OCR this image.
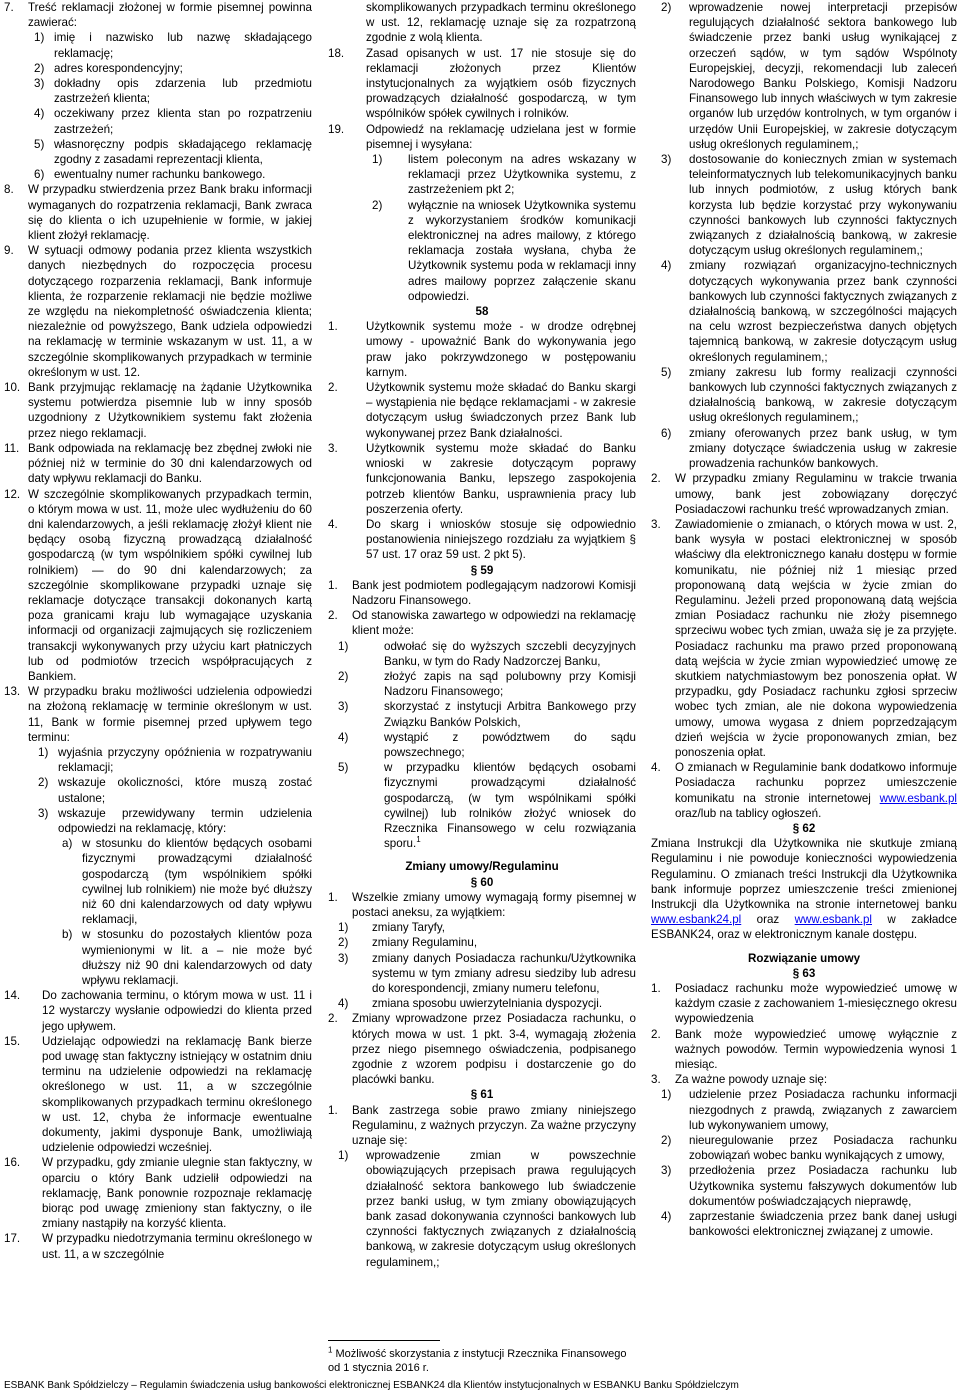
7. Treść reklamacji złożonej w formie pisemnej powinna zawierać:
1) imię i nazwisko lub nazwę składającego reklamację;
2) adres korespondencyjny;
3) dokładny opis zdarzenia lub przedmiotu zastrzeżeń klienta;
4) oczekiwany przez klienta stan po rozpatrzeniu zastrzeżeń;
5) własnoręczny podpis składającego reklamację zgodny z zasadami reprezentacji klienta,
6) ewentualny numer rachunku bankowego.
8. W przypadku stwierdzenia przez Bank braku informacji wymaganych do rozpatrzenia reklamacji, Bank zwraca się do klienta o ich uzupełnienie w formie, w jakiej klient złożył reklamację.
9. W sytuacji odmowy podania przez klienta wszystkich danych niezbędnych do rozpoczęcia procesu dotyczącego rozparzenia reklamacji, Bank informuje klienta, że rozparzenie reklamacji nie będzie możliwe ze względu na niekompletność oświadczenia klienta; niezależnie od powyższego, Bank udziela odpowiedzi na reklamację w terminie wskazanym w ust. 11, a w szczególnie skomplikowanych przypadkach w terminie określonym w ust. 12.
10. Bank przyjmując reklamację na żądanie Użytkownika systemu potwierdza pisemnie lub w inny sposób uzgodniony z Użytkownikiem systemu fakt złożenia przez niego reklamacji.
11. Bank odpowiada na reklamację bez zbędnej zwłoki nie później niż w terminie do 30 dni kalendarzowych od daty wpływu reklamacji do Banku.
12. W szczególnie skomplikowanych przypadkach termin, o którym mowa w ust. 11, może ulec wydłużeniu do 60 dni kalendarzowych, a jeśli reklamację złożył klient nie będący osobą fizyczną prowadzącą działalność gospodarczą (w tym wspólnikiem spółki cywilnej lub rolnikiem) — do 90 dni kalendarzowych; za szczególnie skomplikowane przypadki uznaje się reklamacje dotyczące transakcji dokonanych kartą poza granicami kraju lub wymagające uzyskania informacji od organizacji zajmujących się rozliczeniem transakcji wykonywanych przy użyciu kart płatniczych lub od podmiotów trzecich współpracujących z Bankiem.
13. W przypadku braku możliwości udzielenia odpowiedzi na złożoną reklamację w terminie określonym w ust. 11, Bank w formie pisemnej przed upływem tego terminu:
1) wyjaśnia przyczyny opóźnienia w rozpatrywaniu reklamacji;
2) wskazuje okoliczności, które muszą zostać ustalone;
3) wskazuje przewidywany termin udzielenia odpowiedzi na reklamację, który:
a) w stosunku do klientów będących osobami fizycznymi prowadzącymi działalność gospodarczą (tym wspólnikiem spółki cywilnej lub rolnikiem) nie może być dłuższy niż 60 dni kalendarzowych od daty wpływu reklamacji,
b) w stosunku do pozostałych klientów poza wymienionymi w lit. a – nie może być dłuższy niż 90 dni kalendarzowych od daty wpływu reklamacji.
14. Do zachowania terminu, o którym mowa w ust. 11 i 12 wystarczy wysłanie odpowiedzi do klienta przed jego upływem.
15. Udzielając odpowiedzi na reklamację Bank bierze pod uwagę stan faktyczny istniejący w ostatnim dniu terminu na udzielenie odpowiedzi na reklamację określonego w ust. 11, a w szczególnie skomplikowanych przypadkach terminu określonego w ust. 12, chyba że informacje ewentualne dokumenty, jakimi dysponuje Bank, umożliwiają udzielenie odpowiedzi wcześniej.
16. W przypadku, gdy zmianie ulegnie stan faktyczny, w oparciu o który Bank udzielił odpowiedzi na reklamację, Bank ponownie rozpoznaje reklamację biorąc pod uwagę zmieniony stan faktyczny, o ile zmiany nastąpiły na korzyść klienta.
17. W przypadku niedotrzymania terminu określonego w ust. 11, a w szczególnie
skomplikowanych przypadkach terminu określonego w ust. 12, reklamację uznaje się za rozpatrzoną zgodnie z wolą klienta.
18. Zasad opisanych w ust. 17 nie stosuje się do reklamacji złożonych przez Klientów instytucjonalnych za wyjątkiem osób fizycznych prowadzących działalność gospodarczą, w tym wspólników spółek cywilnych i rolników.
19. Odpowiedź na reklamację udzielana jest w formie pisemnej i wysyłana:
1) listem poleconym na adres wskazany w reklamacji przez Użytkownika systemu, z zastrzeżeniem pkt 2;
2) wyłącznie na wniosek Użytkownika systemu z wykorzystaniem środków komunikacji elektronicznej na adres mailowy, z którego reklamacja została wysłana, chyba że Użytkownik systemu poda w reklamacji inny adres mailowy poprzez załączenie skanu odpowiedzi.

58

1. Użytkownik systemu może - w drodze odrębnej umowy - upoważnić Bank do wykonywania jego praw jako pokrzywdzonego w postępowaniu karnym.
2. Użytkownik systemu może składać do Banku skargi – wystąpienia nie będące reklamacjami - w zakresie dotyczącym usług świadczonych przez Bank lub wykonywanej przez Bank działalności.
3. Użytkownik systemu może składać do Banku wnioski w zakresie dotyczącym poprawy funkcjonowania Banku, lepszego zaspokojenia potrzeb klientów Banku, usprawnienia pracy lub poszerzenia oferty.
4. Do skarg i wniosków stosuje się odpowiednio postanowienia niniejszego rozdziału za wyjątkiem § 57 ust. 17 oraz 59 ust. 2 pkt 5).

§ 59

1. Bank jest podmiotem podlegającym nadzorowi Komisji Nadzoru Finansowego.
2. Od stanowiska zawartego w odpowiedzi na reklamację klient może:
1)	odwołać się do wyższych szczebli decyzyjnych Banku, w tym do Rady Nadzorczej Banku,
2)	złożyć zapis na sąd polubowny przy Komisji Nadzoru Finansowego;
3)	skorzystać z instytucji Arbitra Bankowego przy Związku Banków Polskich,
4)	wystąpić z powództwem do sądu powszechnego;
5)	w przypadku klientów będących osobami fizycznymi prowadzącymi działalność gospodarczą, (w tym wspólnikami spółki cywilnej) lub rolników złożyć wniosek do Rzecznika Finansowego w celu rozwiązania sporu.$^1$

Zmiany umowy/Regulaminu

§ 60

1. Wszelkie zmiany umowy wymagają formy pisemnej w postaci aneksu, za wyjątkiem:
1) zmiany Taryfy,
2) zmiany Regulaminu,
3) zmiany danych Posiadacza rachunku/Użytkownika systemu w tym zmiany adresu siedziby lub adresu do korespondencji, zmiany numeru telefonu,
4) zmiana sposobu uwierzytelniania dyspozycji.
2. Zmiany wprowadzone przez Posiadacza rachunku, o których mowa w ust. 1 pkt. 3-4, wymagają złożenia przez niego pisemnego oświadczenia, podpisanego zgodnie z wzorem podpisu i dostarczenie go do placówki banku.

§ 61

1. Bank zastrzega sobie prawo zmiany niniejszego Regulaminu, z ważnych przyczyn. Za ważne przyczyny uznaje się:
1) wprowadzenie zmian w powszechnie obowiązujących przepisach prawa regulujących działalność sektora bankowego lub świadczenie przez banki usług, w tym zmiany obowiązujących bank zasad dokonywania czynności bankowych lub czynności faktycznych związanych z działalnością bankową, w zakresie dotyczącym usług określonych regulaminem,;
2) wprowadzenie nowej interpretacji przepisów regulujących działalność sektora bankowego lub świadczenie przez banki usług wynikającej z orzeczeń sądów, w tym sądów Wspólnoty Europejskiej, decyzji, rekomendacji lub zaleceń Narodowego Banku Polskiego, Komisji Nadzoru Finansowego lub innych właściwych w tym zakresie organów lub urzędów kontrolnych, w tym organów i urzędów Unii Europejskiej, w zakresie dotyczącym usług określonych regulaminem,;
3) dostosowanie do koniecznych zmian w systemach teleinformatycznych lub telekomunikacyjnych banku lub innych podmiotów, z usług których bank korzysta lub będzie korzystać przy wykonywaniu czynności bankowych lub czynności faktycznych związanych z działalnością bankową, w zakresie dotyczącym usług określonych regulaminem,;
4) zmiany rozwiązań organizacyjno-technicznych dotyczących wykonywania przez bank czynności bankowych lub czynności faktycznych związanych z działalnością bankową, w szczególności mających na celu wzrost bezpieczeństwa danych objętych tajemnicą bankową, w zakresie dotyczącym usług określonych regulaminem,;
5) zmiany zakresu lub formy realizacji czynności bankowych lub czynności faktycznych związanych z działalnością bankową, w zakresie dotyczącym usług określonych regulaminem,;
6) zmiany oferowanych przez bank usług, w tym zmiany dotyczące świadczenia usług w zakresie prowadzenia rachunków bankowych.
2. W przypadku zmiany Regulaminu w trakcie trwania umowy, bank jest zobowiązany doręczyć Posiadaczowi rachunku treść wprowadzanych zmian.
3. Zawiadomienie o zmianach, o których mowa w ust. 2, bank wysyła w postaci elektronicznej w sposób właściwy dla elektronicznego kanału dostępu w formie komunikatu, nie później niż 1 miesiąc przed proponowaną datą wejścia w życie zmian do Regulaminu. Jeżeli przed proponowaną datą wejścia zmian Posiadacz rachunku nie złoży pisemnego sprzeciwu wobec tych zmian, uważa się je za przyjęte. Posiadacz rachunku ma prawo przed proponowaną datą wejścia w życie zmian wypowiedzieć umowę ze skutkiem natychmiastowym bez ponoszenia opłat. W przypadku, gdy Posiadacz rachunku zgłosi sprzeciw wobec tych zmian, ale nie dokona wypowiedzenia umowy, umowa wygasa z dniem poprzedzającym dzień wejścia w życie proponowanych zmian, bez ponoszenia opłat.
4. O zmianach w Regulaminie bank dodatkowo informuje Posiadacza rachunku poprzez umieszczenie komunikatu na stronie internetowej www.esbank.pl oraz/lub na tablicy ogłoszeń.

§ 62

Zmiana Instrukcji dla Użytkownika nie skutkuje zmianą Regulaminu i nie powoduje konieczności wypowiedzenia Regulaminu. O zmianach treści Instrukcji dla Użytkownika bank informuje poprzez umieszczenie treści zmienionej Instrukcji dla Użytkownika na stronie internetowej banku www.esbank24.pl oraz www.esbank.pl w zakładce ESBANK24, oraz w elektronicznym kanale dostępu.

Rozwiązanie umowy

§ 63

1. Posiadacz rachunku może wypowiedzieć umowę w każdym czasie z zachowaniem 1-miesięcznego okresu wypowiedzenia
2. Bank może wypowiedzieć umowę wyłącznie z ważnych powodów. Termin wypowiedzenia wynosi 1 miesiąc.
3. Za ważne powody uznaje się:
1) udzielenie przez Posiadacza rachunku informacji niezgodnych z prawdą, związanych z zawarciem lub wykonywaniem umowy,
2) nieuregulowanie przez Posiadacza rachunku zobowiązań wobec banku wynikających z umowy,
3) przedłożenia przez Posiadacza rachunku lub Użytkownika systemu fałszywych dokumentów lub dokumentów poświadczających nieprawdę,
4) zaprzestanie świadczenia przez bank danej usługi bankowości elektronicznej związanej z umowie.
$^1$ Możliwość skorzystania z instytucji Rzecznika Finansowego od 1 stycznia 2016 r.
ESBANK Bank Spółdzielczy – Regulamin świadczenia usług bankowości elektronicznej ESBANK24 dla Klientów instytucjonalnych w ESBANKU Banku Spółdzielczym
